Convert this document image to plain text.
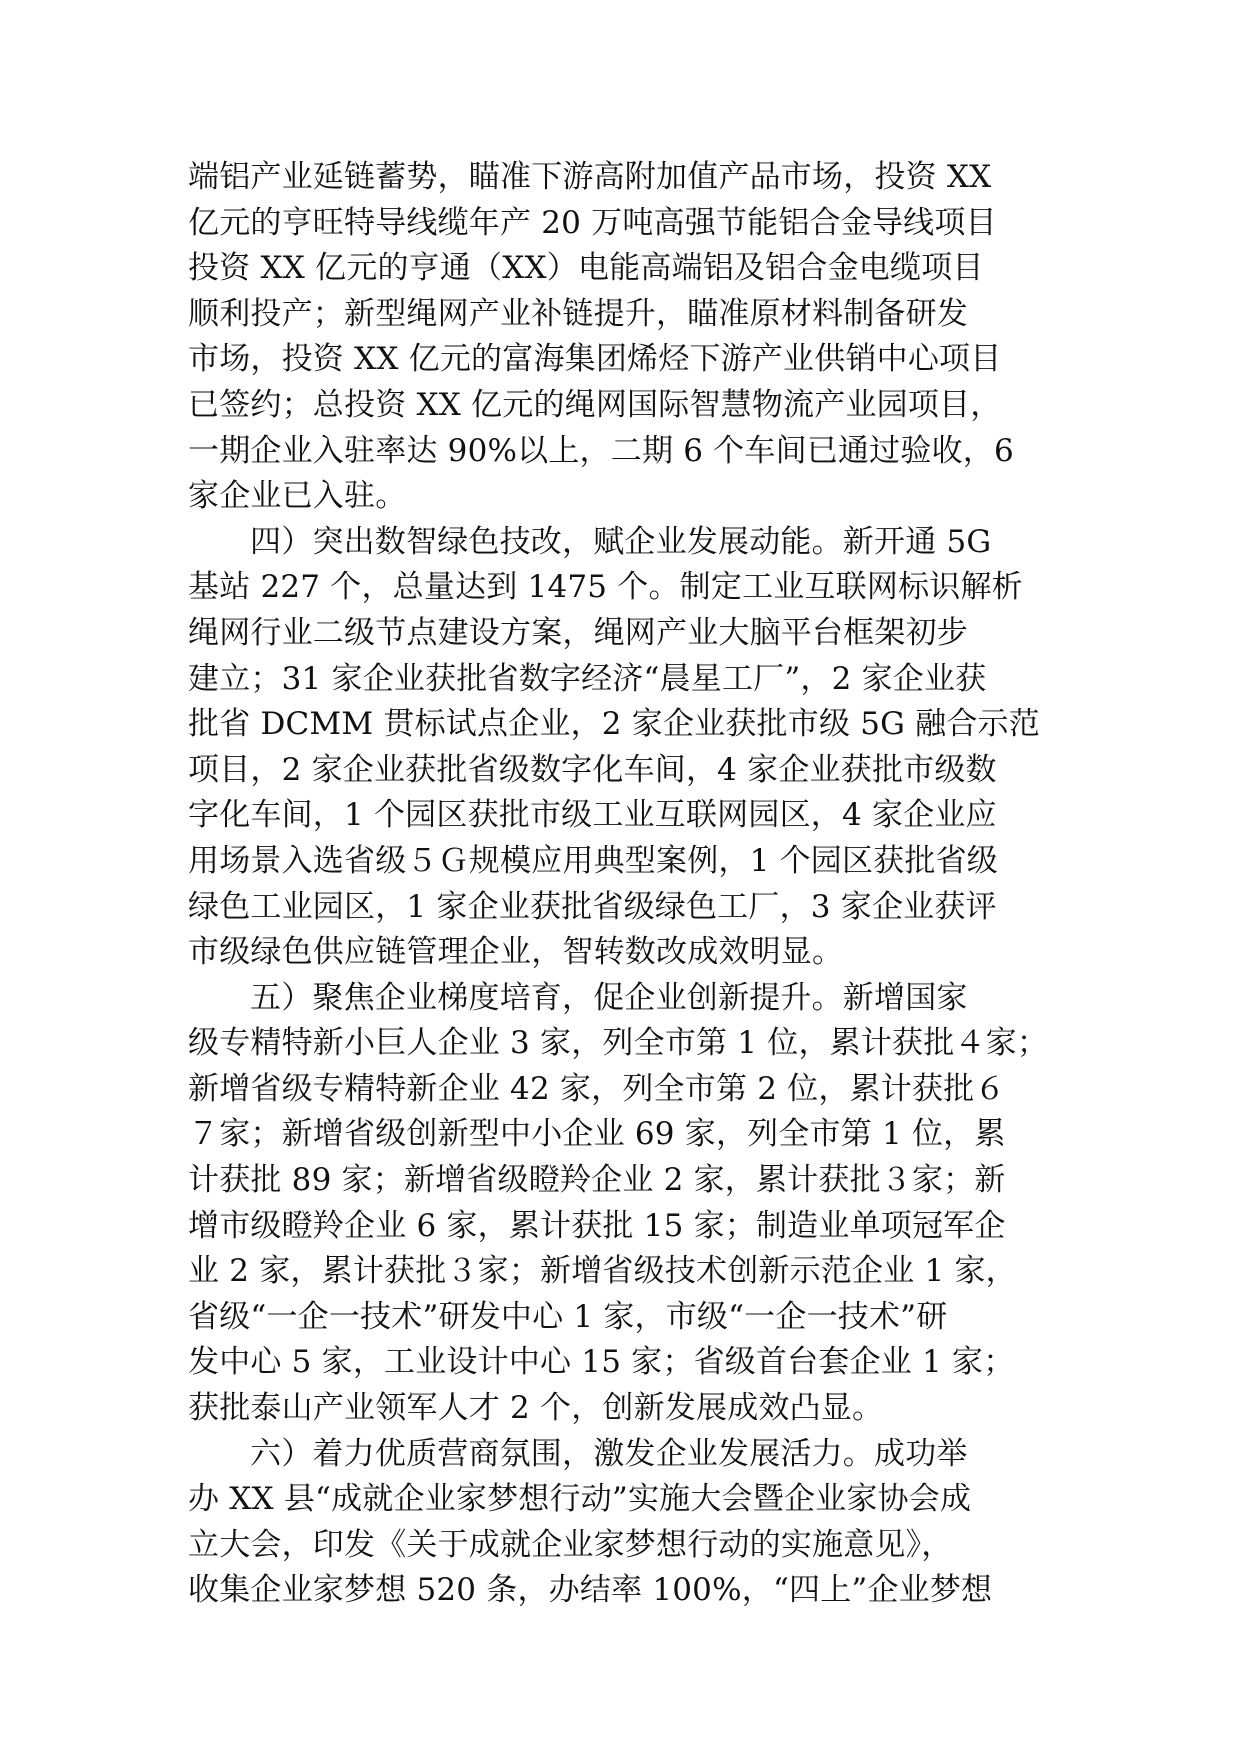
端铝产业延链蓄势，瞄准下游高附加值产品市场，投资 XX
亿元的亨旺特导线缆年产 20 万吨高强节能铝合金导线项目
投资 XX 亿元的亨通（XX）电能高端铝及铝合金电缆项目
顺利投产；新型绳网产业补链提升，瞄准原材料制备研发
市场，投资 XX 亿元的富海集团烯烃下游产业供销中心项目
已签约；总投资 XX 亿元的绳网国际智慧物流产业园项目，
一期企业入驻率达 90%以上，二期 6 个车间已通过验收，6
家企业已入驻。
四）突出数智绿色技改，赋企业发展动能。新开通 5G
基站 227 个，总量达到 1475 个。制定工业互联网标识解析
绳网行业二级节点建设方案，绳网产业大脑平台框架初步
建立；31 家企业获批省数字经济“晨星工厂”，2 家企业获
批省 DCMM 贯标试点企业，2 家企业获批市级 5G 融合示范
项目，2 家企业获批省级数字化车间，4 家企业获批市级数
字化车间，1 个园区获批市级工业互联网园区，4 家企业应
用场景入选省级５Ｇ规模应用典型案例，1 个园区获批省级
绿色工业园区，1 家企业获批省级绿色工厂，3 家企业获评
市级绿色供应链管理企业，智转数改成效明显。
五）聚焦企业梯度培育，促企业创新提升。新增国家
级专精特新小巨人企业 3 家，列全市第 1 位，累计获批４家；
新增省级专精特新企业 42 家，列全市第 2 位，累计获批６
７家；新增省级创新型中小企业 69 家，列全市第 1 位，累
计获批 89 家；新增省级瞪羚企业 2 家，累计获批３家；新
增市级瞪羚企业 6 家，累计获批 15 家；制造业单项冠军企
业 2 家，累计获批３家；新增省级技术创新示范企业 1 家，
省级“一企一技术”研发中心 1 家，市级“一企一技术”研
发中心 5 家，工业设计中心 15 家；省级首台套企业 1 家；
获批泰山产业领军人才 2 个，创新发展成效凸显。
六）着力优质营商氛围，激发企业发展活力。成功举
办 XX 县“成就企业家梦想行动”实施大会暨企业家协会成
立大会，印发《关于成就企业家梦想行动的实施意见》，
收集企业家梦想 520 条，办结率 100%，“四上”企业梦想
